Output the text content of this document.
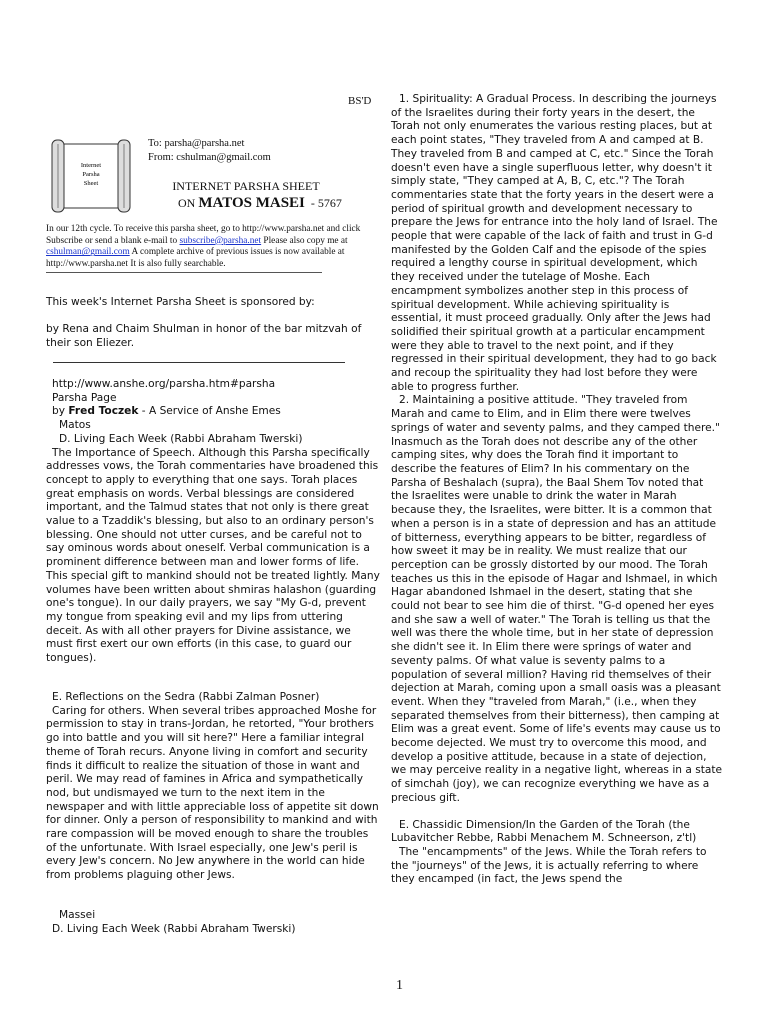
BS'D
Internet
Parsha
Sheet
To: parsha@parsha.net
From: cshulman@gmail.com
INTERNET PARSHA SHEET
ON MATOS MASEI - 5767
In our 12th cycle. To receive this parsha sheet, go to http://www.parsha.net and click Subscribe or send a blank e-mail to subscribe@parsha.net Please also copy me at cshulman@gmail.com A complete archive of previous issues is now available at http://www.parsha.net It is also fully searchable.
This week's Internet Parsha Sheet is sponsored by:
by Rena and Chaim Shulman in honor of the bar mitzvah of their son Eliezer.
http://www.anshe.org/parsha.htm#parsha
Parsha Page
by Fred Toczek - A Service of Anshe Emes
Matos
D. Living Each Week (Rabbi Abraham Twerski)

The Importance of Speech. Although this Parsha specifically addresses vows, the Torah commentaries have broadened this concept to apply to everything that one says. Torah places great emphasis on words. Verbal blessings are considered important, and the Talmud states that not only is there great value to a Tzaddik's blessing, but also to an ordinary person's blessing. One should not utter curses, and be careful not to say ominous words about oneself. Verbal communication is a prominent difference between man and lower forms of life. This special gift to mankind should not be treated lightly. Many volumes have been written about shmiras halashon (guarding one's tongue). In our daily prayers, we say "My G-d, prevent my tongue from speaking evil and my lips from uttering deceit. As with all other prayers for Divine assistance, we must first exert our own efforts (in this case, to guard our tongues).

E. Reflections on the Sedra (Rabbi Zalman Posner)

Caring for others. When several tribes approached Moshe for permission to stay in trans-Jordan, he retorted, "Your brothers go into battle and you will sit here?" Here a familiar integral theme of Torah recurs. Anyone living in comfort and security finds it difficult to realize the situation of those in want and peril. We may read of famines in Africa and sympathetically nod, but undismayed we turn to the next item in the newspaper and with little appreciable loss of appetite sit down for dinner. Only a person of responsibility to mankind and with rare compassion will be moved enough to share the troubles of the unfortunate. With Israel especially, one Jew's peril is every Jew's concern. No Jew anywhere in the world can hide from problems plaguing other Jews.

Massei
D. Living Each Week (Rabbi Abraham Twerski)

1. Spirituality: A Gradual Process. In describing the journeys of the Israelites during their forty years in the desert, the Torah not only enumerates the various resting places, but at each point states, "They traveled from A and camped at B. They traveled from B and camped at C, etc." Since the Torah doesn't even have a single superfluous letter, why doesn't it simply state, "They camped at A, B, C, etc."? The Torah commentaries state that the forty years in the desert were a period of spiritual growth and development necessary to prepare the Jews for entrance into the holy land of Israel. The people that were capable of the lack of faith and trust in G-d manifested by the Golden Calf and the episode of the spies required a lengthy course in spiritual development, which they received under the tutelage of Moshe. Each encampment symbolizes another step in this process of spiritual development. While achieving spirituality is essential, it must proceed gradually. Only after the Jews had solidified their spiritual growth at a particular encampment were they able to travel to the next point, and if they regressed in their spiritual development, they had to go back and recoup the spirituality they had lost before they were able to progress further.

2. Maintaining a positive attitude. "They traveled from Marah and came to Elim, and in Elim there were twelves springs of water and seventy palms, and they camped there." Inasmuch as the Torah does not describe any of the other camping sites, why does the Torah find it important to describe the features of Elim? In his commentary on the Parsha of Beshalach (supra), the Baal Shem Tov noted that the Israelites were unable to drink the water in Marah because they, the Israelites, were bitter. It is a common that when a person is in a state of depression and has an attitude of bitterness, everything appears to be bitter, regardless of how sweet it may be in reality. We must realize that our perception can be grossly distorted by our mood. The Torah teaches us this in the episode of Hagar and Ishmael, in which Hagar abandoned Ishmael in the desert, stating that she could not bear to see him die of thirst. "G-d opened her eyes and she saw a well of water." The Torah is telling us that the well was there the whole time, but in her state of depression she didn't see it. In Elim there were springs of water and seventy palms. Of what value is seventy palms to a population of several million? Having rid themselves of their dejection at Marah, coming upon a small oasis was a pleasant event. When they "traveled from Marah," (i.e., when they separated themselves from their bitterness), then camping at Elim was a great event. Some of life's events may cause us to become dejected. We must try to overcome this mood, and develop a positive attitude, because in a state of dejection, we may perceive reality in a negative light, whereas in a state of simchah (joy), we can recognize everything we have as a precious gift.

E. Chassidic Dimension/In the Garden of the Torah (the Lubavitcher Rebbe, Rabbi Menachem M. Schneerson, z'tl)

The "encampments" of the Jews. While the Torah refers to the "journeys" of the Jews, it is actually referring to where they encamped (in fact, the Jews spend the

1
